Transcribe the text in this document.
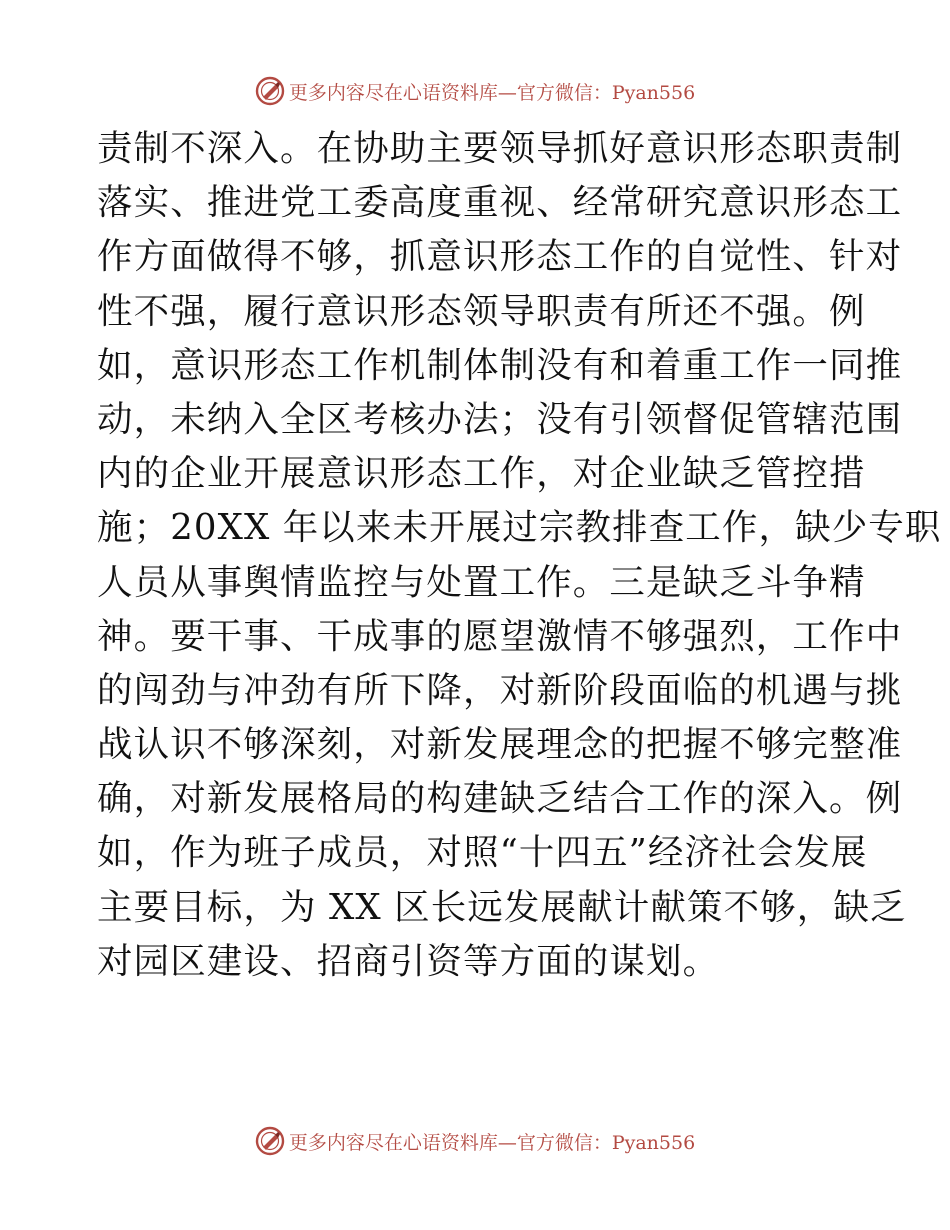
更多内容尽在心语资料库—官方微信：Pyan556
责制不深入。在协助主要领导抓好意识形态职责制
落实、推进党工委高度重视、经常研究意识形态工
作方面做得不够，抓意识形态工作的自觉性、针对
性不强，履行意识形态领导职责有所还不强。例
如，意识形态工作机制体制没有和着重工作一同推
动，未纳入全区考核办法；没有引领督促管辖范围
内的企业开展意识形态工作，对企业缺乏管控措
施；20XX 年以来未开展过宗教排查工作，缺少专职
人员从事舆情监控与处置工作。三是缺乏斗争精
神。要干事、干成事的愿望激情不够强烈，工作中
的闯劲与冲劲有所下降，对新阶段面临的机遇与挑
战认识不够深刻，对新发展理念的把握不够完整准
确，对新发展格局的构建缺乏结合工作的深入。例
如，作为班子成员，对照“十四五”经济社会发展
主要目标，为 XX 区长远发展献计献策不够，缺乏
对园区建设、招商引资等方面的谋划。
更多内容尽在心语资料库—官方微信：Pyan556
